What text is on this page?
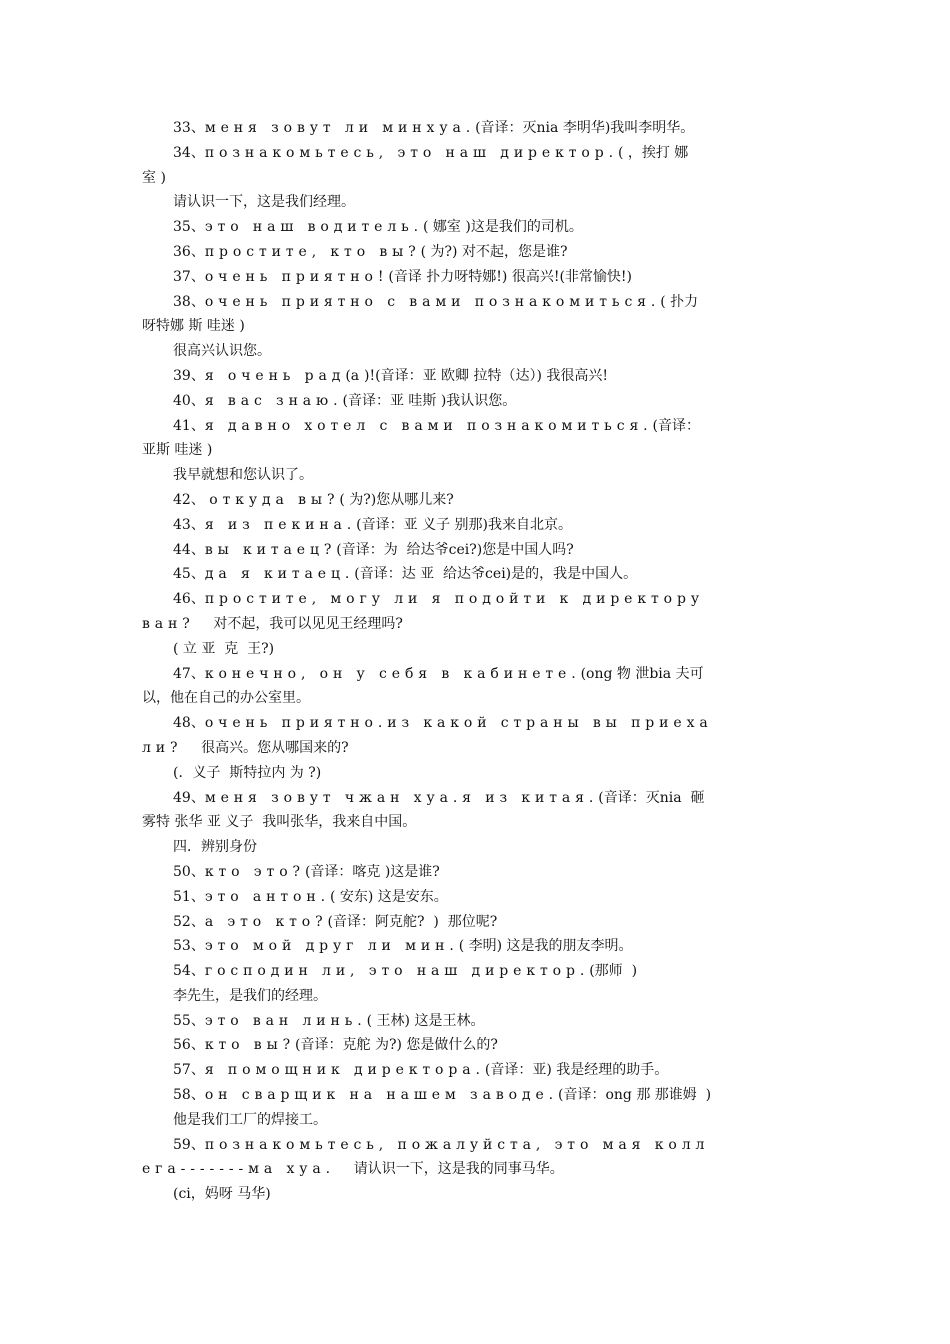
33、меня зовут ли минхуа.(音译：灭nia 李明华)我叫李明华。
34、познакомьтесь, это наш директор.( ，挨打 娜
室 )
请认识一下，这是我们经理。
35、это наш водитель.( 娜室 )这是我们的司机。
36、простите, кто вы?( 为?) 对不起，您是谁?
37、очень приятно!(音译 扑力呀特娜!) 很高兴!(非常愉快!)
38、очень приятно с вами познакомиться.( 扑力
呀特娜 斯 哇迷 )
很高兴认识您。
39、я очень рад(а)!(音译：亚 欧卿 拉特（达）) 我很高兴!
40、я вас знаю.(音译：亚 哇斯 )我认识您。
41、я давно хотел с вами познакомиться.(音译：
亚斯 哇迷 )
我早就想和您认识了。
42、 откуда вы?( 为?)您从哪儿来?
43、я из пекина.(音译：亚 义子 别那)我来自北京。
44、вы китаец?(音译：为  给达爷cei?)您是中国人吗?
45、да я китаец.(音译：达 亚  给达爷cei)是的，我是中国人。
46、простите, могу ли я подойти к директору
ван?  对不起，我可以见见王经理吗?
( 立 亚  克  王?)
47、конечно, он у себя в кабинете.(ong 物 泄bia 夫可
以，他在自己的办公室里。
48、очень приятно.из какой страны вы приеха
ли?  很高兴。您从哪国来的?
(．义子  斯特拉内 为 ?)
49、меня зовут чжан хуа.я из китая.(音译：灭nia  砸
雾特 张华 亚 义子  我叫张华，我来自中国。
四．辨别身份
50、кто это?(音译：喀克 )这是谁?
51、это антон.( 安东) 这是安东。
52、а это кто?(音译：阿克舵?  )  那位呢?
53、это мой друг ли мин.( 李明) 这是我的朋友李明。
54、господин ли, это наш директор.(那师  )
李先生，是我们的经理。
55、это ван линь.( 王林) 这是王林。
56、кто вы?(音译：克舵 为?) 您是做什么的?
57、я помощник директора.(音译：亚) 我是经理的助手。
58、он сварщик на нашем заводе.(音译：ong 那 那谁姆  )
他是我们工厂的焊接工。
59、познакомьтесь, пожалуйста, это мая колл
ега-------ма хуа.  请认识一下，这是我的同事马华。
(ci，妈呀 马华)
